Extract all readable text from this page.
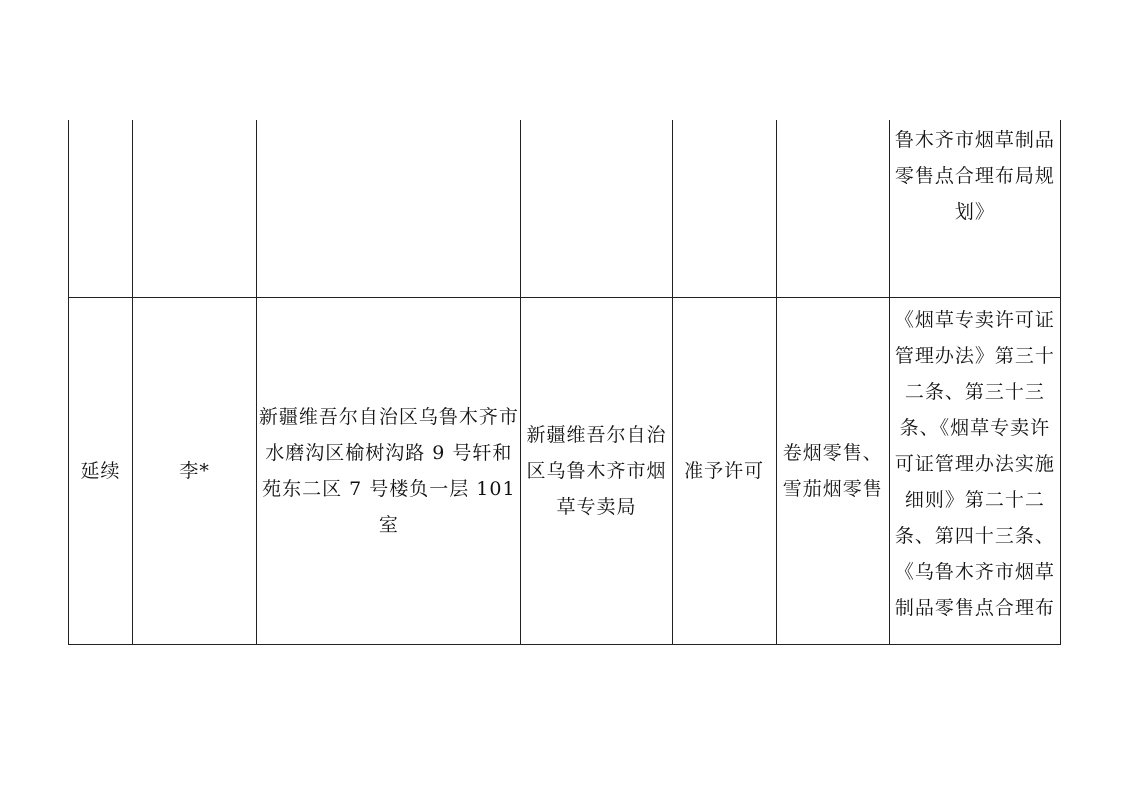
						鲁木齐市烟草制品零售点合理布局规划》

延续	李*	新疆维吾尔自治区乌鲁木齐市水磨沟区榆树沟路 9 号轩和苑东二区 7 号楼负一层 101 室	新疆维吾尔自治区乌鲁木齐市烟草专卖局	准予许可	卷烟零售、雪茄烟零售	《烟草专卖许可证管理办法》第三十二条、第三十三条、《烟草专卖许可证管理办法实施细则》第二十二条、第四十三条、《乌鲁木齐市烟草制品零售点合理布
